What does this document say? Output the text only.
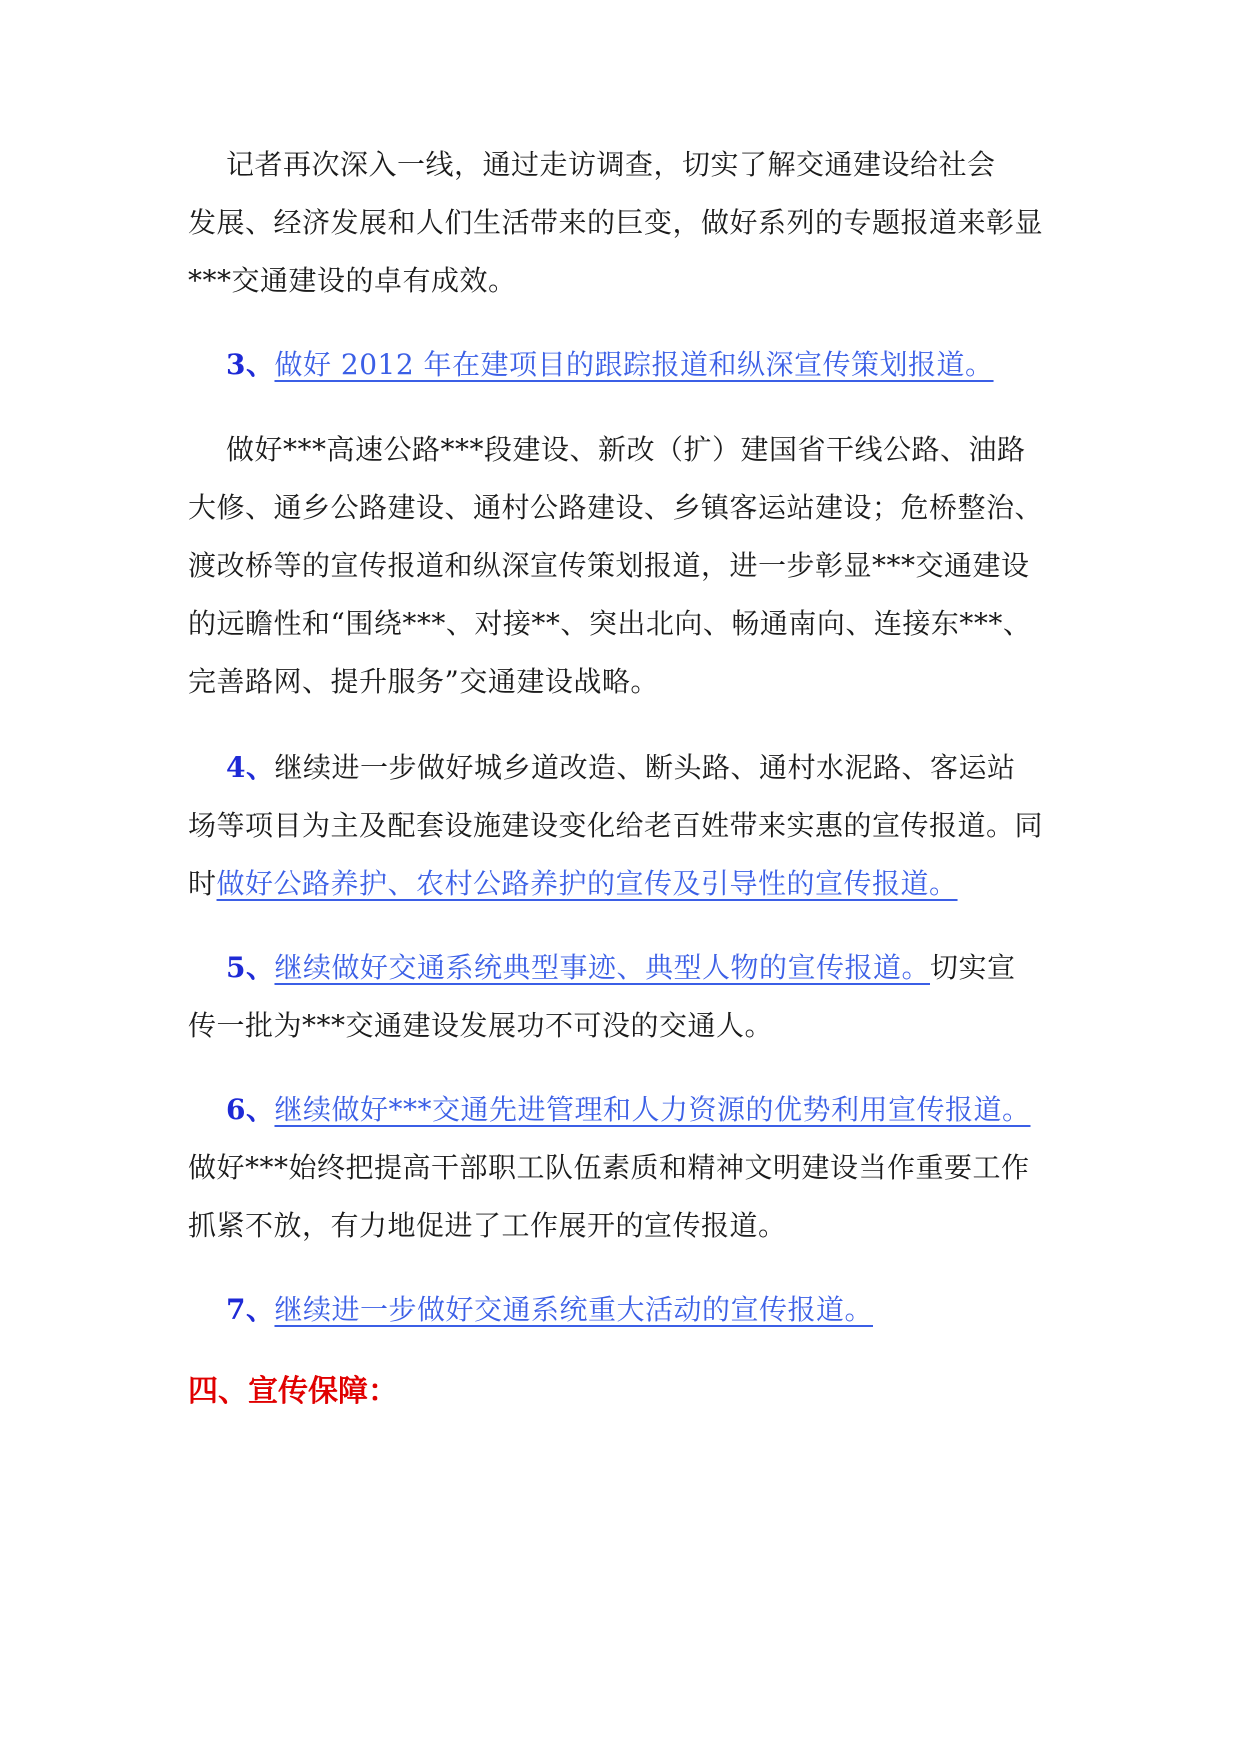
记者再次深入一线，通过走访调查，切实了解交通建设给社会

发展、经济发展和人们生活带来的巨变，做好系列的专题报道来彰显

***交通建设的卓有成效。

3、做好 2012 年在建项目的跟踪报道和纵深宣传策划报道。

做好***高速公路***段建设、新改（扩）建国省干线公路、油路

大修、通乡公路建设、通村公路建设、乡镇客运站建设；危桥整治、

渡改桥等的宣传报道和纵深宣传策划报道，进一步彰显***交通建设

的远瞻性和“围绕***、对接**、突出北向、畅通南向、连接东***、

完善路网、提升服务”交通建设战略。

4、继续进一步做好城乡道改造、断头路、通村水泥路、客运站

场等项目为主及配套设施建设变化给老百姓带来实惠的宣传报道。同

时做好公路养护、农村公路养护的宣传及引导性的宣传报道。

5、继续做好交通系统典型事迹、典型人物的宣传报道。切实宣

传一批为***交通建设发展功不可没的交通人。

6、继续做好***交通先进管理和人力资源的优势利用宣传报道。

做好***始终把提高干部职工队伍素质和精神文明建设当作重要工作

抓紧不放，有力地促进了工作展开的宣传报道。

7、继续进一步做好交通系统重大活动的宣传报道。

四、宣传保障：
